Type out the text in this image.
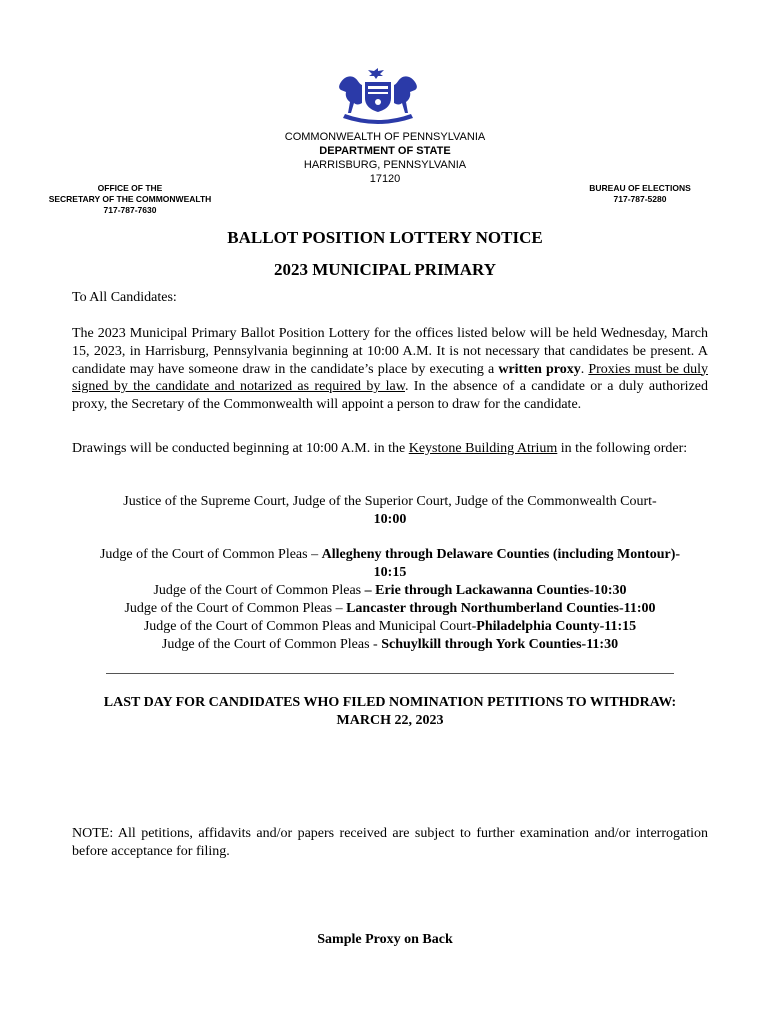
COMMONWEALTH OF PENNSYLVANIA
DEPARTMENT OF STATE
HARRISBURG, PENNSYLVANIA
17120
OFFICE OF THE
SECRETARY OF THE COMMONWEALTH
717-787-7630
BUREAU OF ELECTIONS
717-787-5280
BALLOT POSITION LOTTERY NOTICE
2023 MUNICIPAL PRIMARY
To All Candidates:
The 2023 Municipal Primary Ballot Position Lottery for the offices listed below will be held Wednesday, March 15, 2023, in Harrisburg, Pennsylvania beginning at 10:00 A.M. It is not necessary that candidates be present. A candidate may have someone draw in the candidate’s place by executing a written proxy. Proxies must be duly signed by the candidate and notarized as required by law. In the absence of a candidate or a duly authorized proxy, the Secretary of the Commonwealth will appoint a person to draw for the candidate.
Drawings will be conducted beginning at 10:00 A.M. in the Keystone Building Atrium in the following order:
Justice of the Supreme Court, Judge of the Superior Court, Judge of the Commonwealth Court-
10:00
Judge of the Court of Common Pleas – Allegheny through Delaware Counties (including Montour)-
10:15
Judge of the Court of Common Pleas – Erie through Lackawanna Counties-10:30
Judge of the Court of Common Pleas – Lancaster through Northumberland Counties-11:00
Judge of the Court of Common Pleas and Municipal Court-Philadelphia County-11:15
Judge of the Court of Common Pleas - Schuylkill through York Counties-11:30
LAST DAY FOR CANDIDATES WHO FILED NOMINATION PETITIONS TO WITHDRAW:
MARCH 22, 2023
NOTE: All petitions, affidavits and/or papers received are subject to further examination and/or interrogation before acceptance for filing.
Sample Proxy on Back
